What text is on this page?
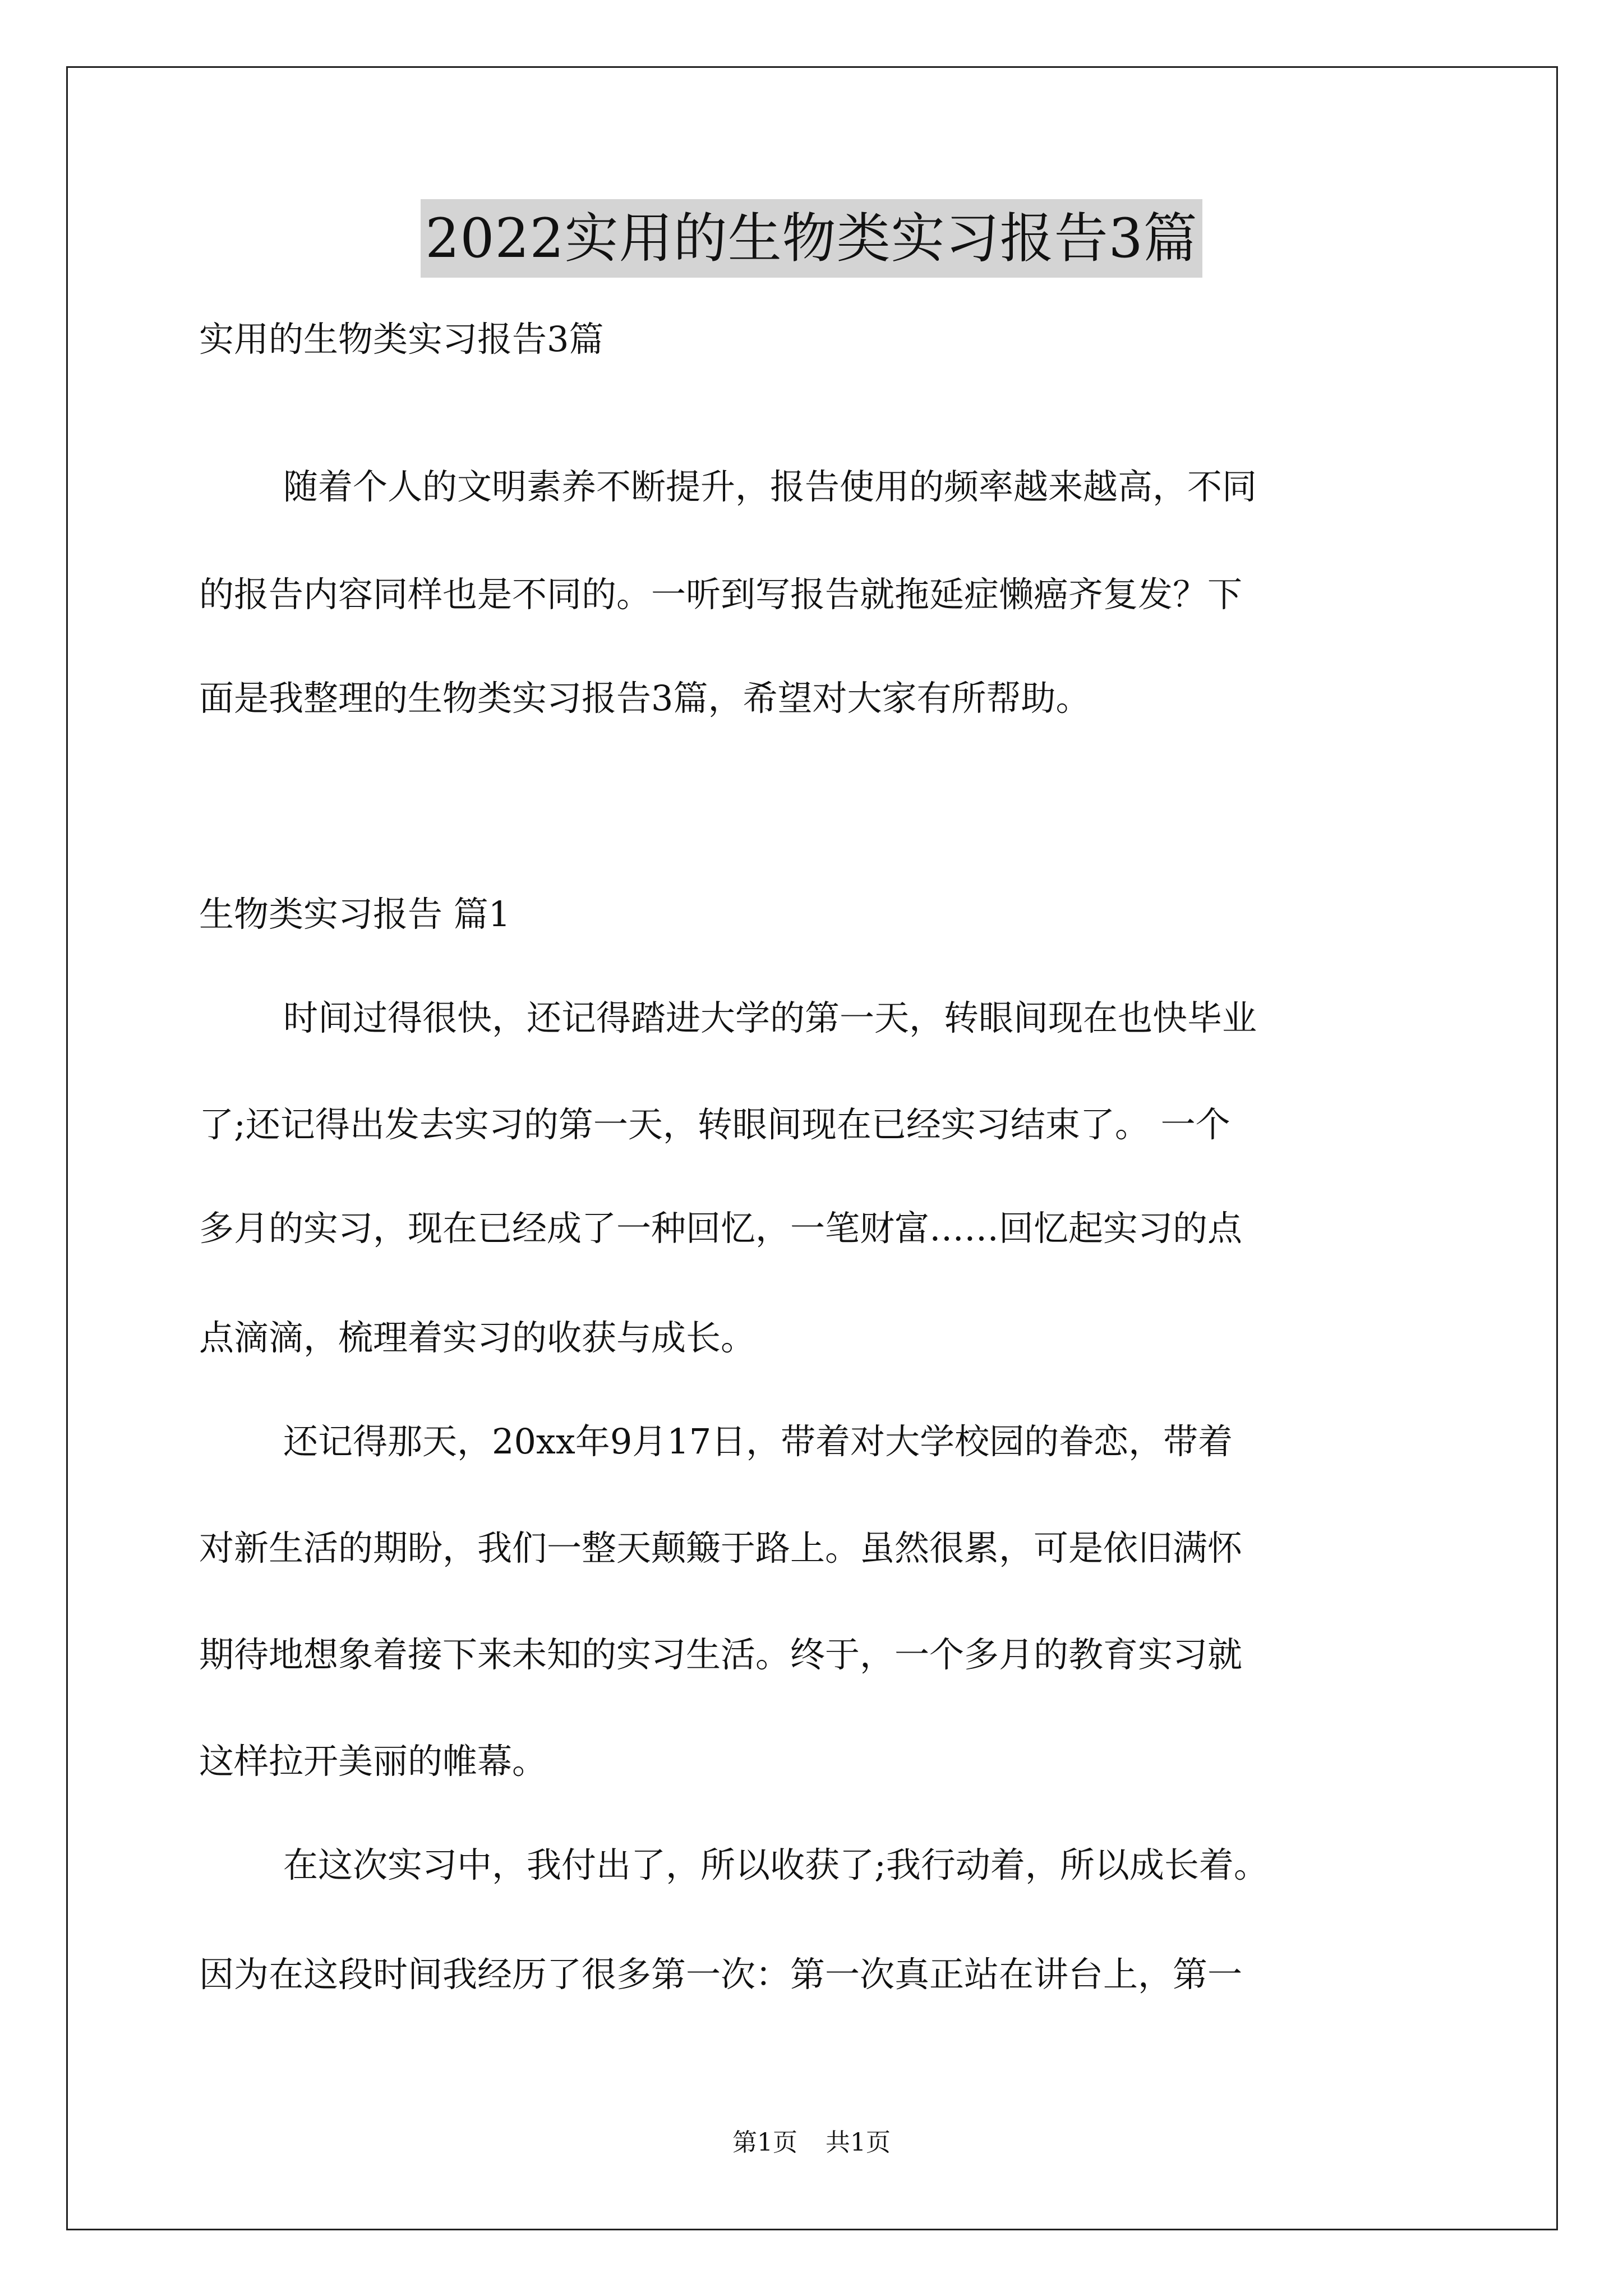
2022实用的生物类实习报告3篇
实用的生物类实习报告3篇
随着个人的文明素养不断提升，报告使用的频率越来越高，不同
的报告内容同样也是不同的。一听到写报告就拖延症懒癌齐复发？下
面是我整理的生物类实习报告3篇，希望对大家有所帮助。
生物类实习报告 篇1
时间过得很快，还记得踏进大学的第一天，转眼间现在也快毕业
了;还记得出发去实习的第一天，转眼间现在已经实习结束了。 一个
多月的实习，现在已经成了一种回忆，一笔财富……回忆起实习的点
点滴滴，梳理着实习的收获与成长。
还记得那天，20xx年9月17日，带着对大学校园的眷恋，带着
对新生活的期盼，我们一整天颠簸于路上。虽然很累，可是依旧满怀
期待地想象着接下来未知的实习生活。终于，一个多月的教育实习就
这样拉开美丽的帷幕。
在这次实习中，我付出了，所以收获了;我行动着，所以成长着。
因为在这段时间我经历了很多第一次：第一次真正站在讲台上，第一
第1页 共1页
